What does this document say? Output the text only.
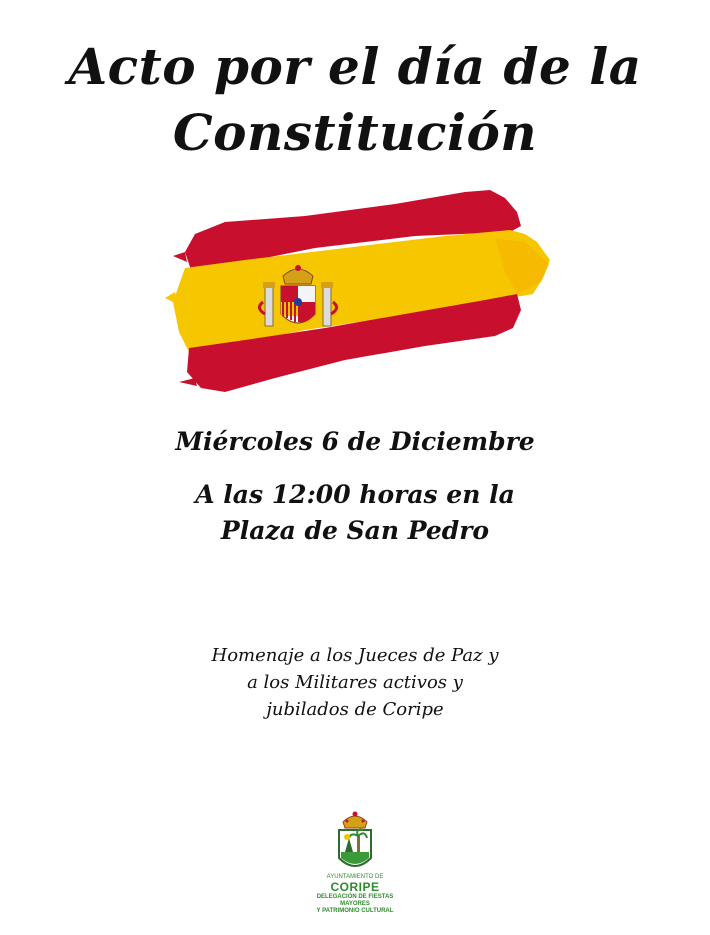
Acto por el día de la
Constitución
Miércoles 6 de Diciembre
A las 12:00 horas en la
Plaza de San Pedro
Homenaje a los Jueces de Paz y
a los Militares activos y
jubilados de Coripe
AYUNTAMIENTO DE
CORIPE
DELEGACIÓN DE FIESTAS
MAYORES
Y PATRIMONIO CULTURAL
